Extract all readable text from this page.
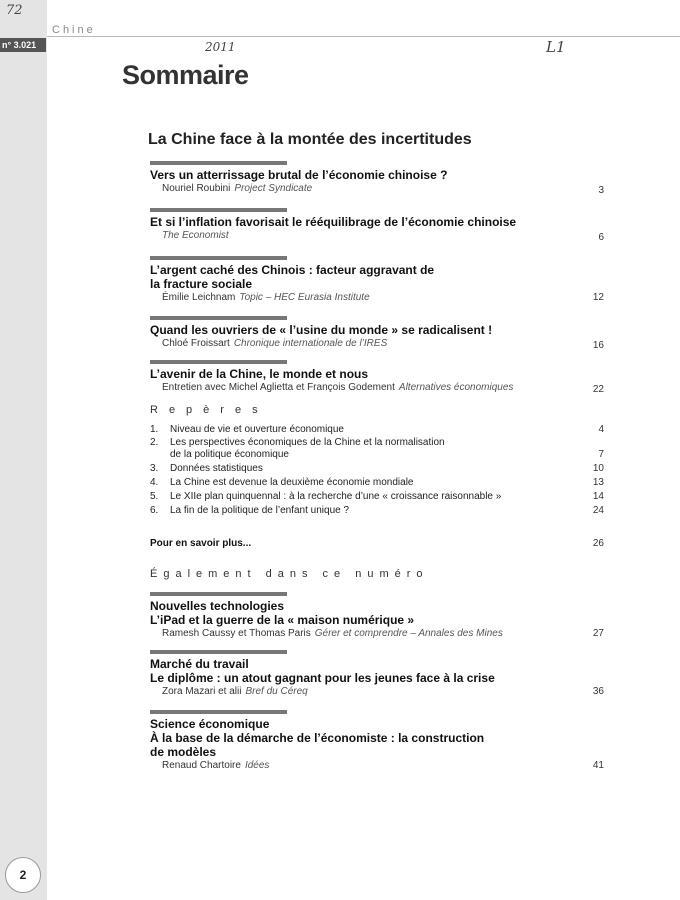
n° 3.021
Chine
72
2011	L1
Sommaire
La Chine face à la montée des incertitudes
Vers un atterrissage brutal de l’économie chinoise ?
Nouriel Roubini Project Syndicate	3
Et si l’inflation favorisait le rééquilibrage de l’économie chinoise
The Economist	6
L’argent caché des Chinois : facteur aggravant de
la fracture sociale
Émilie Leichnam Topic – HEC Eurasia Institute	12
Quand les ouvriers de « l’usine du monde » se radicalisent !
Chloé Froissart Chronique internationale de l’IRES	16
L’avenir de la Chine, le monde et nous
Entretien avec Michel Aglietta et François Godement Alternatives économiques	22
Repères
1. Niveau de vie et ouverture économique	4
2. Les perspectives économiques de la Chine et la normalisation
de la politique économique	7
3. Données statistiques	10
4. La Chine est devenue la deuxième économie mondiale	13
5. Le XIIe plan quinquennal : à la recherche d’une « croissance raisonnable »	14
6. La fin de la politique de l’enfant unique ?	24
Pour en savoir plus...	26
Également dans ce numéro
Nouvelles technologies
L’iPad et la guerre de la « maison numérique »
Ramesh Caussy et Thomas Paris Gérer et comprendre – Annales des Mines	27
Marché du travail
Le diplôme : un atout gagnant pour les jeunes face à la crise
Zora Mazari et alii Bref du Céreq	36
Science économique
À la base de la démarche de l’économiste : la construction
de modèles
Renaud Chartoire Idées	41
2
